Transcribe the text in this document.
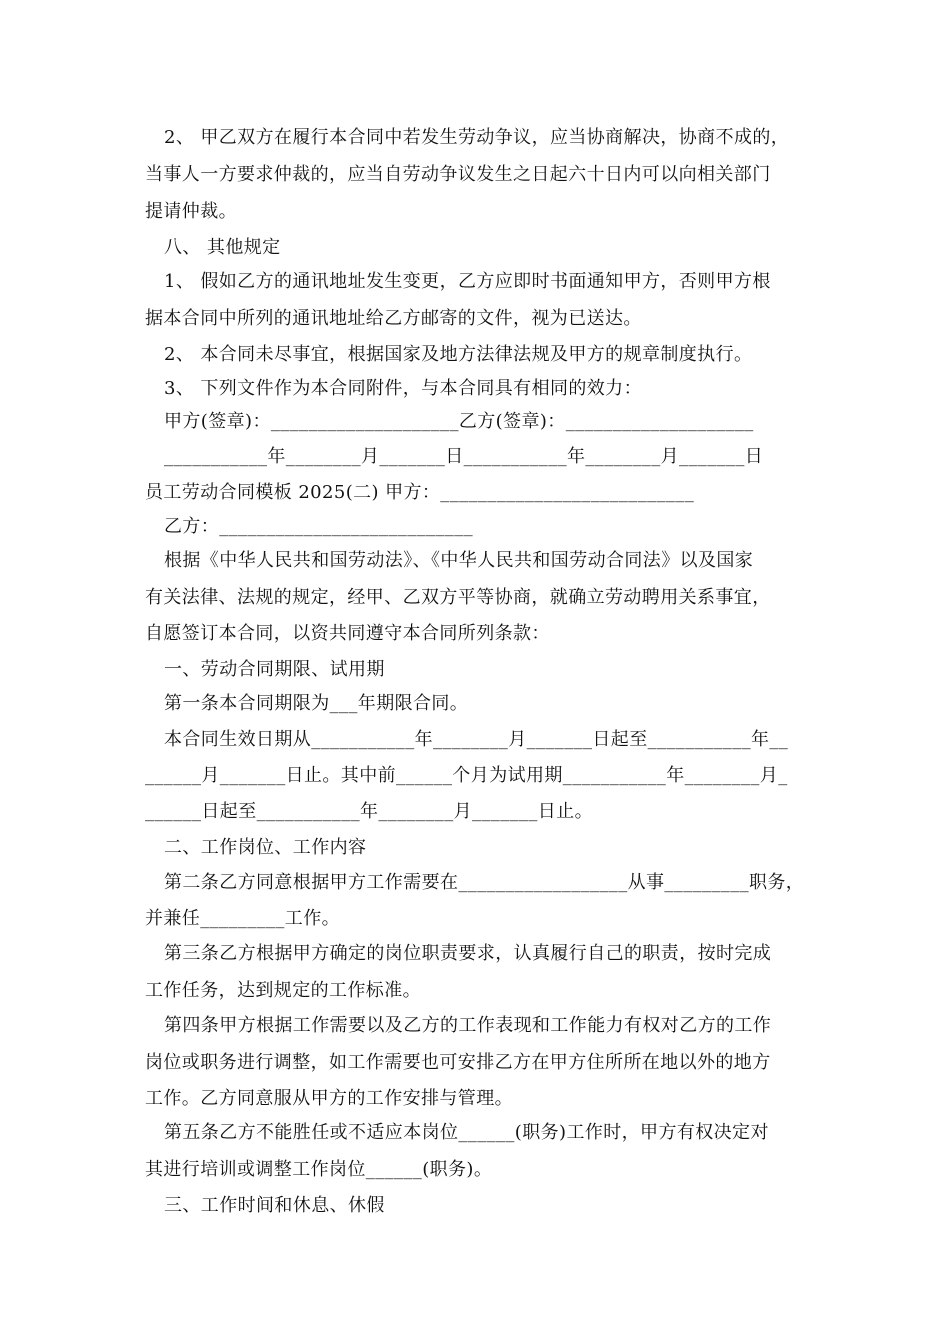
2、 甲乙双方在履行本合同中若发生劳动争议，应当协商解决，协商不成的，
当事人一方要求仲裁的，应当自劳动争议发生之日起六十日内可以向相关部门
提请仲裁。
八、 其他规定
1、 假如乙方的通讯地址发生变更，乙方应即时书面通知甲方，否则甲方根
据本合同中所列的通讯地址给乙方邮寄的文件，视为已送达。
2、 本合同未尽事宜，根据国家及地方法律法规及甲方的规章制度执行。
3、 下列文件作为本合同附件，与本合同具有相同的效力：
甲方(签章)：____________________乙方(签章)：____________________
___________年________月_______日___________年________月_______日
员工劳动合同模板 2025(二) 甲方：___________________________
乙方：___________________________
根据《中华人民共和国劳动法》、《中华人民共和国劳动合同法》以及国家
有关法律、法规的规定，经甲、乙双方平等协商，就确立劳动聘用关系事宜，
自愿签订本合同，以资共同遵守本合同所列条款：
一、劳动合同期限、试用期
第一条本合同期限为___年期限合同。
本合同生效日期从___________年________月_______日起至___________年__
______月_______日止。其中前______个月为试用期___________年________月_
______日起至___________年________月_______日止。
二、工作岗位、工作内容
第二条乙方同意根据甲方工作需要在__________________从事_________职务，
并兼任_________工作。
第三条乙方根据甲方确定的岗位职责要求，认真履行自己的职责，按时完成
工作任务，达到规定的工作标准。
第四条甲方根据工作需要以及乙方的工作表现和工作能力有权对乙方的工作
岗位或职务进行调整，如工作需要也可安排乙方在甲方住所所在地以外的地方
工作。乙方同意服从甲方的工作安排与管理。
第五条乙方不能胜任或不适应本岗位______(职务)工作时，甲方有权决定对
其进行培训或调整工作岗位______(职务)。
三、工作时间和休息、休假
